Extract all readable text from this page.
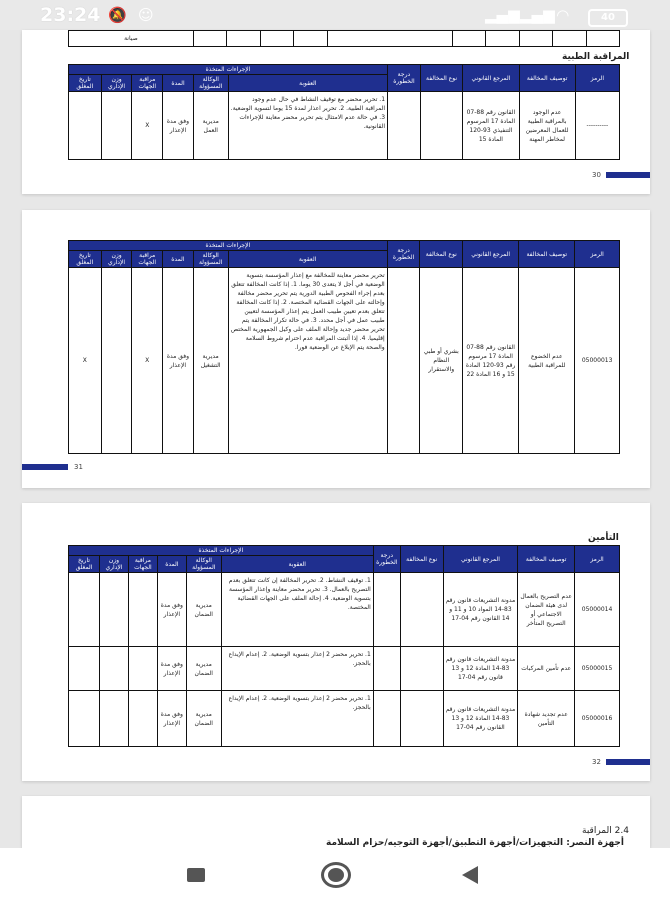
23:24 🔕 ☺	▂▄▆ ▂▄▆ ◠	40
										صيانة
المراقبة الطبية
الرمز	توصيف المخالفة	المرجع القانوني	نوع المخالفة	درجة الخطورة	الإجراءات المتخذة					
					العقوبة	الوكالة المسؤولة	المدة	مراقبة الجهات	وزن الإداري	تاريخ المغلق
----------	عدم الوجود بالمراقبة الطبية للعمال المعرضين لمخاطر المهنة	القانون رقم 88-07 المادة 17 المرسوم التنفيذي 93-120 المادة 15			1. تحرير محضر مع توقيف النشاط في حال عدم وجود المراقبة الطبية. 2. تحرير اعذار لمدة 15 يوما لتسوية الوضعية. 3. في حالة عدم الامتثال يتم تحرير محضر معاينة للإجراءات القانونية.	مديرية العمل	وفق مدة الإعذار	X		
30
الرمز	توصيف المخالفة	المرجع القانوني	نوع المخالفة	درجة الخطورة	الإجراءات المتخذة					
					العقوبة	الوكالة المسؤولة	المدة	مراقبة الجهات	وزن الإداري	تاريخ المغلق
05000013	عدم الخضوع للمراقبة الطبية	القانون رقم 88-07 المادة 17 مرسوم رقم 93-120 المادة 15 و 16 المادة 22	بشري أو طبي النظام والاستقرار		تحرير محضر معاينة للمخالفة مع إعذار المؤسسة بتسوية الوضعية في أجل لا يتعدى 30 يوما. 1. إذا كانت المخالفة تتعلق بعدم إجراء الفحوص الطبية الدورية يتم تحرير محضر مخالفة وإحالته على الجهات القضائية المختصة. 2. إذا كانت المخالفة تتعلق بعدم تعيين طبيب العمل يتم إعذار المؤسسة لتعيين طبيب عمل في أجل محدد. 3. في حالة تكرار المخالفة يتم تحرير محضر جديد وإحالة الملف على وكيل الجمهورية المختص إقليميا. 4. إذا أثبتت المراقبة عدم احترام شروط السلامة والصحة يتم الإبلاغ عن الوضعية فورا.	مديرية التشغيل	وفق مدة الإعذار	X		X
31
التأمين
الرمز	توصيف المخالفة	المرجع القانوني	نوع المخالفة	درجة الخطورة	الإجراءات المتخذة					
					العقوبة	الوكالة المسؤولة	المدة	مراقبة الجهات	وزن الإداري	تاريخ المغلق
05000014	عدم التصريح بالعمال لدى هيئة الضمان الاجتماعي أو التصريح المتأخر	مدونة التشريعات قانون رقم 83-14 المواد 10 و 11 و 14 القانون رقم 04-17			1. توقيف النشاط. 2. تحرير المخالفة إن كانت تتعلق بعدم التصريح بالعمال. 3. تحرير محضر معاينة وإعذار المؤسسة بتسوية الوضعية. 4. إحالة الملف على الجهات القضائية المختصة.	مديرية الضمان	وفق مدة الإعذار			
05000015	عدم تأمين المركبات	مدونة التشريعات قانون رقم 83-14 المادة 12 و 13 قانون رقم 04-17			1. تحرير محضر 2 إعذار بتسوية الوضعية. 2. إعدام الإيداع بالحجز.	مديرية الضمان	وفق مدة الإعذار			
05000016	عدم تجديد شهادة التأمين	مدونة التشريعات قانون رقم 83-14 المادة 12 و 13 القانون رقم 04-17			1. تحرير محضر 2 إعذار بتسوية الوضعية. 2. إعدام الإيداع بالحجز.	مديرية الضمان	وفق مدة الإعذار			
32
2.4 المراقبة
أجهزة النصر: التجهيزات/أجهزة التطبيق/أجهزة التوجيه/حزام السلامة
